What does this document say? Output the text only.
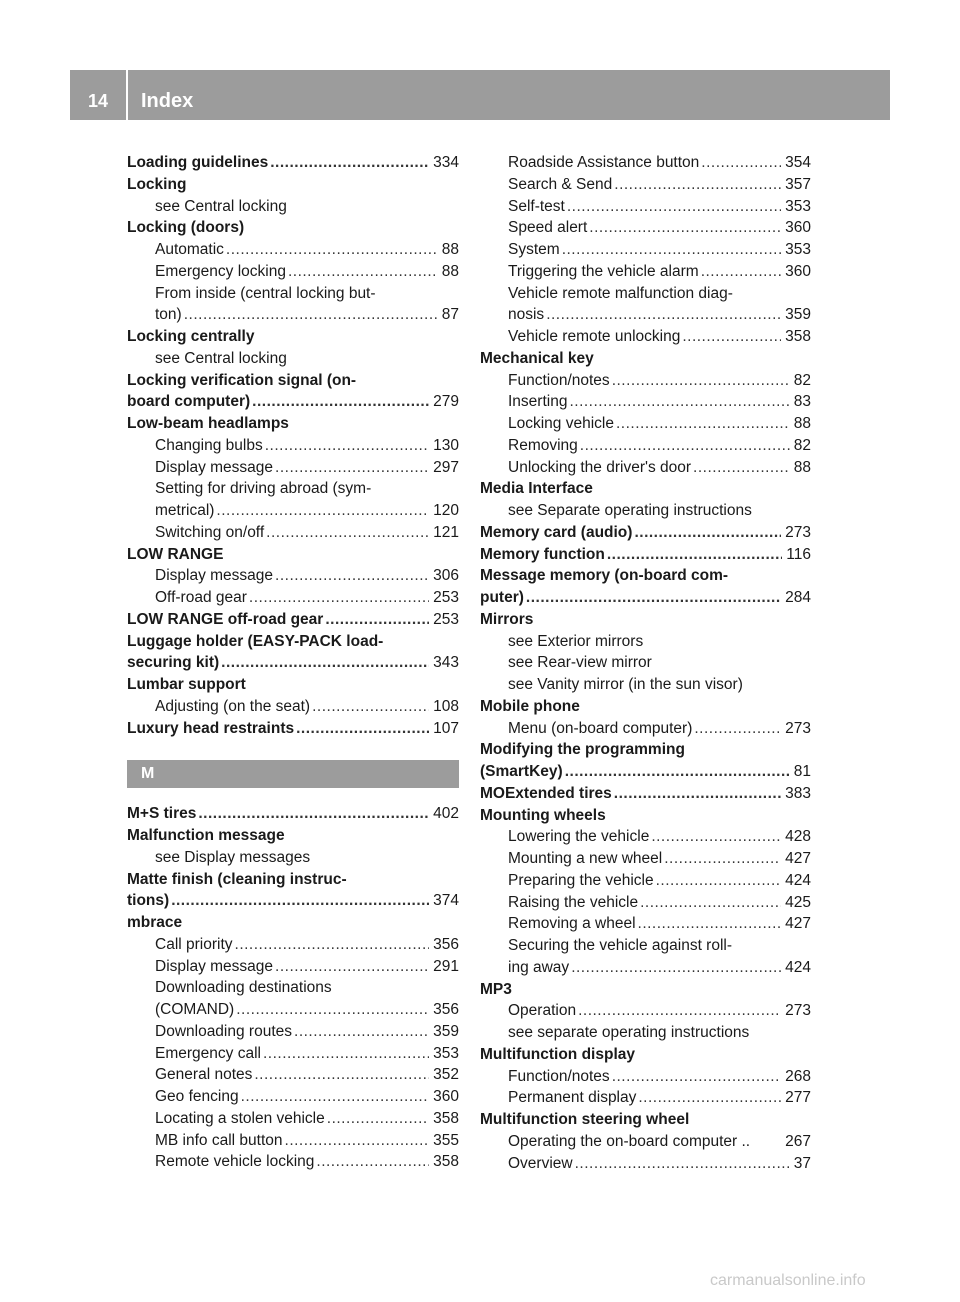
14	Index
Loading guidelines .....	334
Locking
see Central locking
Locking (doors)
Automatic .....	88
Emergency locking .....	88
From inside (central locking but-
ton) .....	87
Locking centrally
see Central locking
Locking verification signal (on-
board computer) .....	279
Low-beam headlamps
Changing bulbs .....	130
Display message .....	297
Setting for driving abroad (sym-
metrical) .....	120
Switching on/off .....	121
LOW RANGE
Display message .....	306
Off-road gear .....	253
LOW RANGE off-road gear .....	253
Luggage holder (EASY-PACK load-
securing kit) .....	343
Lumbar support
Adjusting (on the seat) .....	108
Luxury head restraints .....	107
M
M+S tires .....	402
Malfunction message
see Display messages
Matte finish (cleaning instruc-
tions) .....	374
mbrace
Call priority .....	356
Display message .....	291
Downloading destinations
(COMAND) .....	356
Downloading routes .....	359
Emergency call .....	353
General notes .....	352
Geo fencing .....	360
Locating a stolen vehicle .....	358
MB info call button .....	355
Remote vehicle locking .....	358
Roadside Assistance button .....	354
Search & Send .....	357
Self-test .....	353
Speed alert .....	360
System .....	353
Triggering the vehicle alarm .....	360
Vehicle remote malfunction diag-
nosis .....	359
Vehicle remote unlocking .....	358
Mechanical key
Function/notes .....	82
Inserting .....	83
Locking vehicle .....	88
Removing .....	82
Unlocking the driver's door .....	88
Media Interface
see Separate operating instructions
Memory card (audio) .....	273
Memory function .....	116
Message memory (on-board com-
puter) .....	284
Mirrors
see Exterior mirrors
see Rear-view mirror
see Vanity mirror (in the sun visor)
Mobile phone
Menu (on-board computer) .....	273
Modifying the programming
(SmartKey) .....	81
MOExtended tires .....	383
Mounting wheels
Lowering the vehicle .....	428
Mounting a new wheel .....	427
Preparing the vehicle .....	424
Raising the vehicle .....	425
Removing a wheel .....	427
Securing the vehicle against roll-
ing away .....	424
MP3
Operation .....	273
see separate operating instructions
Multifunction display
Function/notes .....	268
Permanent display .....	277
Multifunction steering wheel
Operating the on-board computer .. 267
Overview .....	37
carmanualsonline.info
